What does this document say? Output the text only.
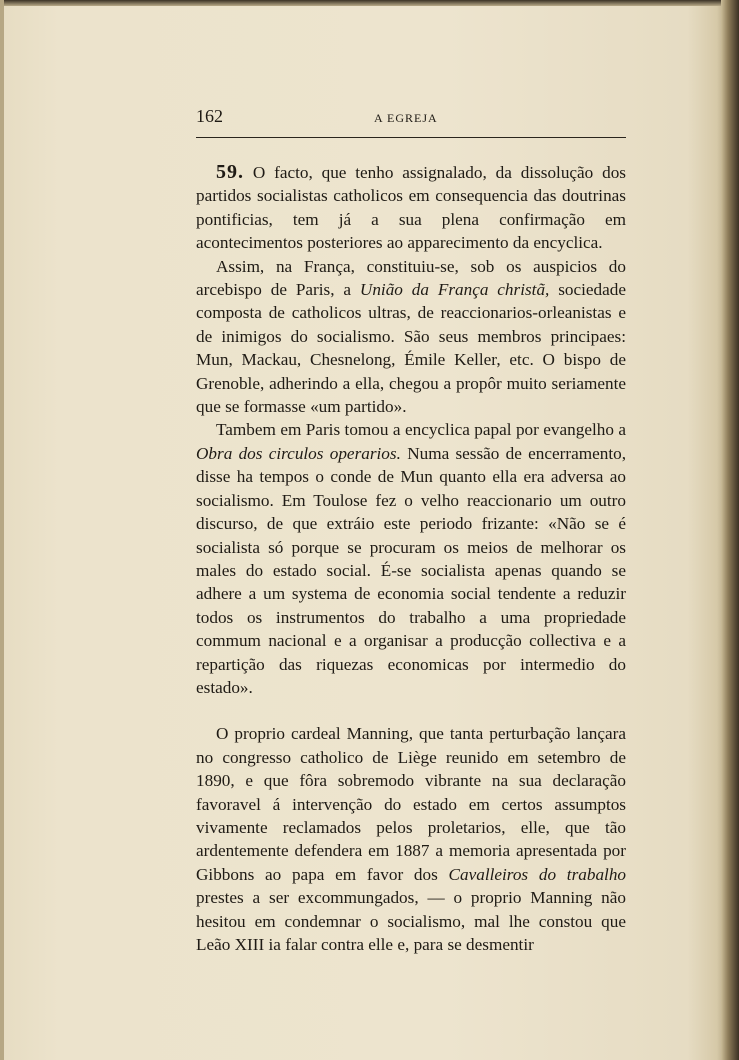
162	A EGREJA

59. O facto, que tenho assignalado, da dissolução dos partidos socialistas catholicos em consequencia das doutrinas pontificias, tem já a sua plena confirmação em acontecimentos posteriores ao apparecimento da encyclica.

Assim, na França, constituiu-se, sob os auspicios do arcebispo de Paris, a União da França christã, sociedade composta de catholicos ultras, de reaccionarios-orleanistas e de inimigos do socialismo. São seus membros principaes: Mun, Mackau, Chesnelong, Émile Keller, etc. O bispo de Grenoble, adherindo a ella, chegou a propôr muito seriamente que se formasse «um partido».

Tambem em Paris tomou a encyclica papal por evangelho a Obra dos circulos operarios. Numa sessão de encerramento, disse ha tempos o conde de Mun quanto ella era adversa ao socialismo. Em Toulose fez o velho reaccionario um outro discurso, de que extráio este periodo frizante: «Não se é socialista só porque se procuram os meios de melhorar os males do estado social. É-se socialista apenas quando se adhere a um systema de economia social tendente a reduzir todos os instrumentos do trabalho a uma propriedade commum nacional e a organisar a producção collectiva e a repartição das riquezas economicas por intermedio do estado».

O proprio cardeal Manning, que tanta perturbação lançara no congresso catholico de Liège reunido em setembro de 1890, e que fôra sobremodo vibrante na sua declaração favoravel á intervenção do estado em certos assumptos vivamente reclamados pelos proletarios, elle, que tão ardentemente defendera em 1887 a memoria apresentada por Gibbons ao papa em favor dos Cavalleiros do trabalho prestes a ser excommungados, — o proprio Manning não hesitou em condemnar o socialismo, mal lhe constou que Leão XIII ia falar contra elle e, para se desmentir
